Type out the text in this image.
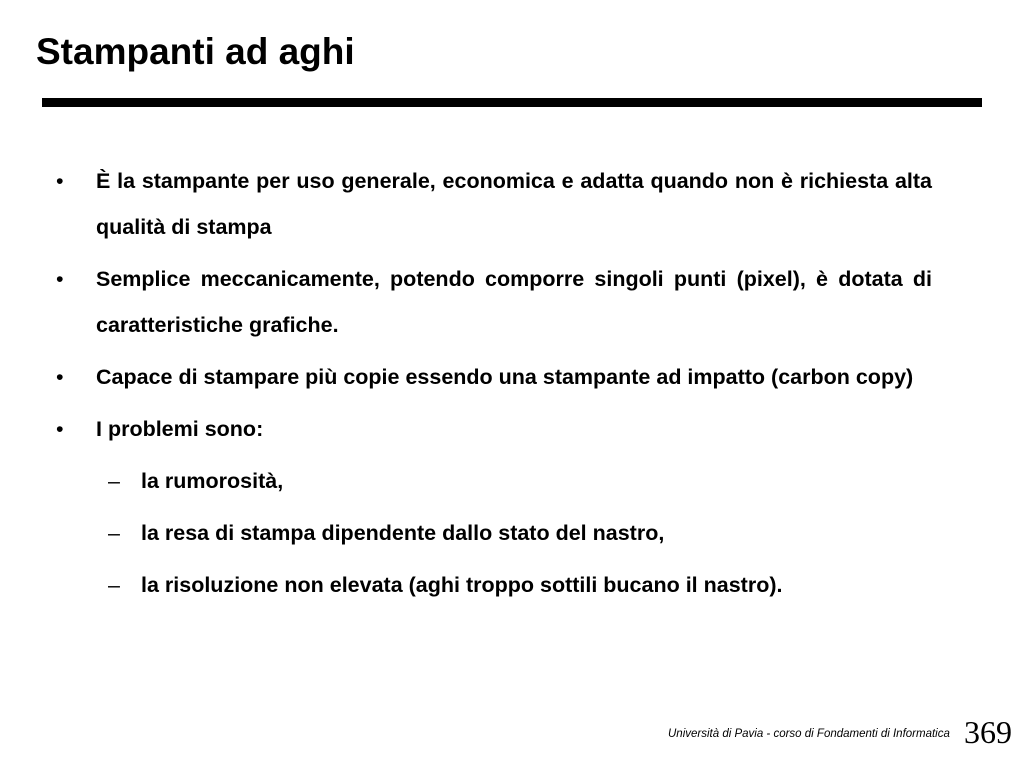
Stampanti ad aghi
• È la stampante per uso generale, economica e adatta quando non è richiesta alta qualità di stampa
• Semplice meccanicamente, potendo comporre singoli punti (pixel), è dotata di caratteristiche grafiche.
• Capace di stampare più copie essendo una stampante ad impatto (carbon copy)
• I problemi sono:
– la rumorosità,
– la resa di stampa dipendente dallo stato del nastro,
– la risoluzione non elevata (aghi troppo sottili bucano il nastro).
Università di Pavia - corso di Fondamenti di Informatica 369
